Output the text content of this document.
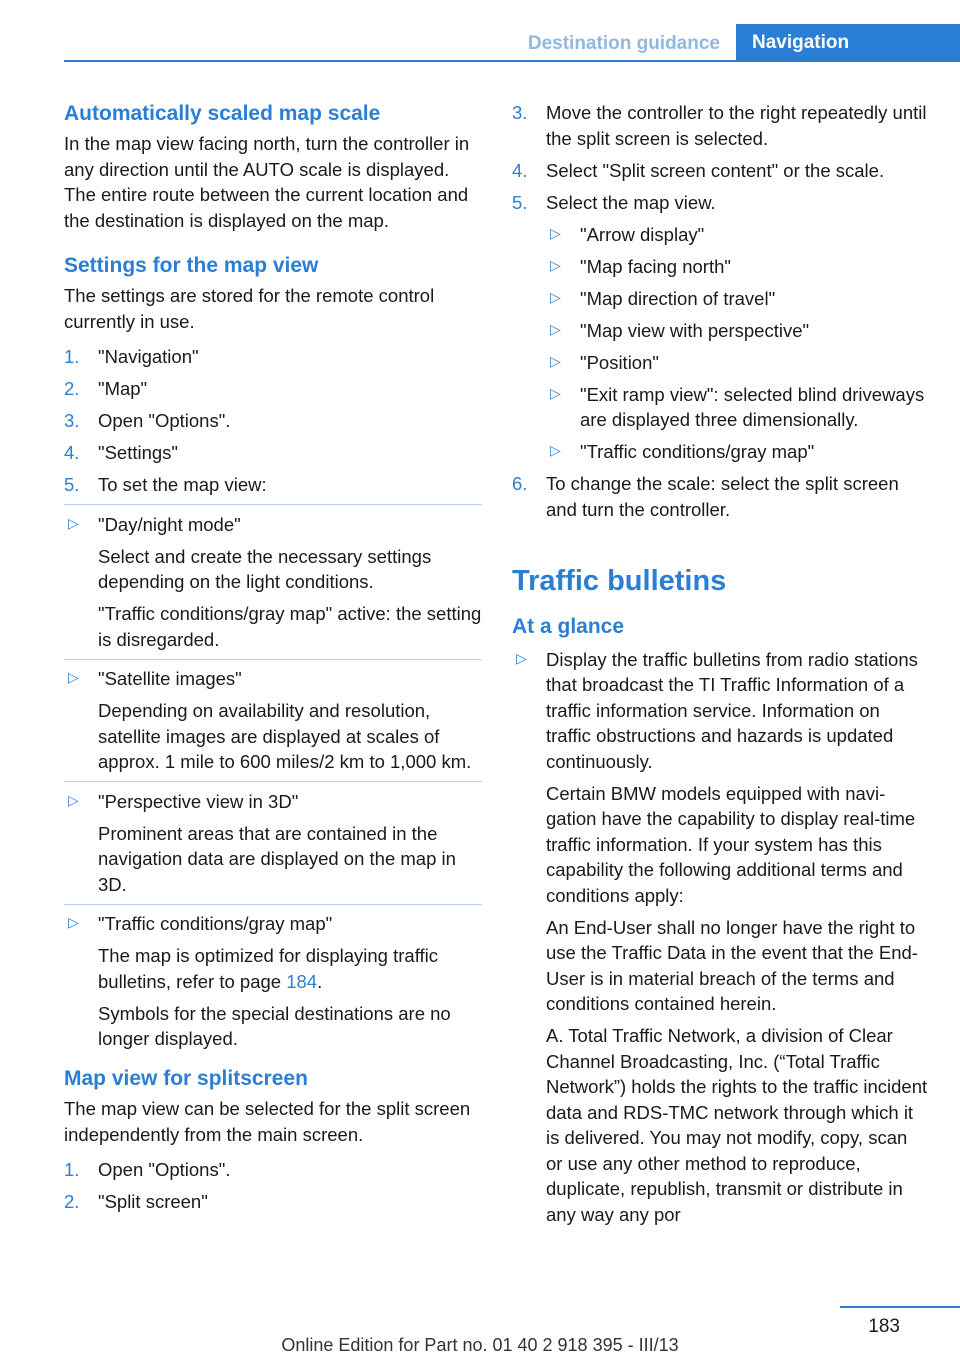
Destination guidance	Navigation
Automatically scaled map scale

In the map view facing north, turn the controller in any direction until the AUTO scale is displayed. The entire route between the current location and the destination is displayed on the map.

Settings for the map view

The settings are stored for the remote control currently in use.

1. "Navigation"
2. "Map"
3. Open "Options".
4. "Settings"
5. To set the map view:
▷ "Day/night mode"

Select and create the necessary settings depending on the light conditions.

"Traffic conditions/gray map" active: the setting is disregarded.

▷ "Satellite images"

Depending on availability and resolution, satellite images are displayed at scales of approx. 1 mile to 600 miles/2 km to 1,000 km.

▷ "Perspective view in 3D"

Prominent areas that are contained in the navigation data are displayed on the map in 3D.

▷ "Traffic conditions/gray map"

The map is optimized for displaying traffic bulletins, refer to page 184.

Symbols for the special destinations are no longer displayed.

Map view for splitscreen

The map view can be selected for the split screen independently from the main screen.

1. Open "Options".
2. "Split screen"
3. Move the controller to the right repeatedly until the split screen is selected.
4. Select "Split screen content" or the scale.
5. Select the map view.
▷ "Arrow display"
▷ "Map facing north"
▷ "Map direction of travel"
▷ "Map view with perspective"
▷ "Position"
▷ "Exit ramp view": selected blind driveways are displayed three dimensionally.
▷ "Traffic conditions/gray map"
6. To change the scale: select the split screen and turn the controller.
Traffic bulletins
At a glance
▷ Display the traffic bulletins from radio stations that broadcast the TI Traffic Information of a traffic information service. Information on traffic obstructions and hazards is updated continuously.

Certain BMW models equipped with navigation have the capability to display real-time traffic information. If your system has this capability the following additional terms and conditions apply:

An End-User shall no longer have the right to use the Traffic Data in the event that the End-User is in material breach of the terms and conditions contained herein.

A. Total Traffic Network, a division of Clear Channel Broadcasting, Inc. (“Total Traffic Network”) holds the rights to the traffic incident data and RDS-TMC network through which it is delivered. You may not modify, copy, scan or use any other method to reproduce, duplicate, republish, transmit or distribute in any way any por

183
Online Edition for Part no. 01 40 2 918 395 - III/13
